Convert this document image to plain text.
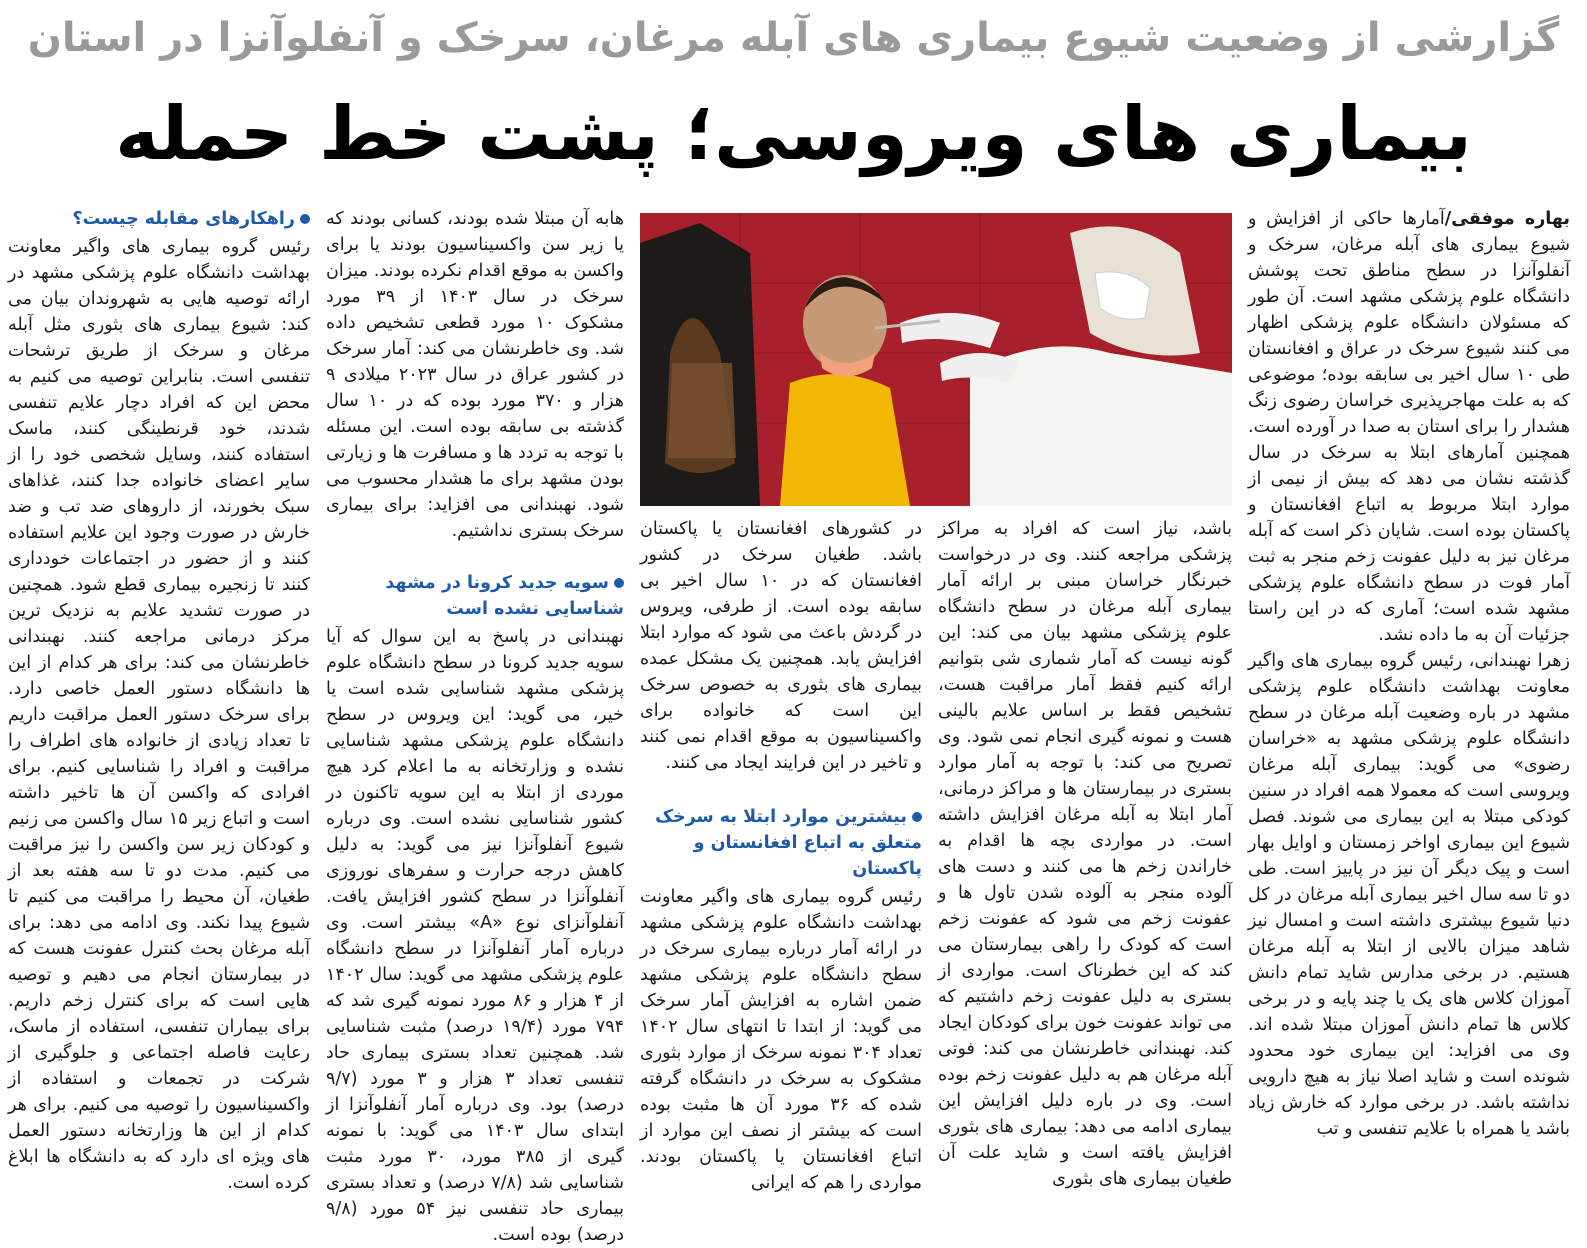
گزارشی از وضعیت شیوع بیماری های آبله مرغان، سرخک و آنفلوآنزا در استان
بیماری های ویروسی؛ پشت خط حمله

بهاره موفقی/آمارها حاکی از افزایش و شیوع بیماری های آبله مرغان، سرخک و آنفلوآنزا در سطح مناطق تحت پوشش دانشگاه علوم پزشکی مشهد است. آن طور که مسئولان دانشگاه علوم پزشکی اظهار می کنند شیوع سرخک در عراق و افغانستان طی ۱۰ سال اخیر بی سابقه بوده؛ موضوعی که به علت مهاجرپذیری خراسان رضوی زنگ هشدار را برای استان به صدا در آورده است. همچنین آمارهای ابتلا به سرخک در سال گذشته نشان می دهد که بیش از نیمی از موارد ابتلا مربوط به اتباع افغانستان و پاکستان بوده است. شایان ذکر است که آبله مرغان نیز به دلیل عفونت زخم منجر به ثبت آمار فوت در سطح دانشگاه علوم پزشکی مشهد شده است؛ آماری که در این راستا جزئیات آن به ما داده نشد.

زهرا نهبندانی، رئیس گروه بیماری های واگیر معاونت بهداشت دانشگاه علوم پزشکی مشهد در باره وضعیت آبله مرغان در سطح دانشگاه علوم پزشکی مشهد به «خراسان رضوی» می گوید: بیماری آبله مرغان ویروسی است که معمولا همه افراد در سنین کودکی مبتلا به این بیماری می شوند. فصل شیوع این بیماری اواخر زمستان و اوایل بهار است و پیک دیگر آن نیز در پاییز است. طی دو تا سه سال اخیر بیماری آبله مرغان در کل دنیا شیوع بیشتری داشته است و امسال نیز شاهد میزان بالایی از ابتلا به آبله مرغان هستیم. در برخی مدارس شاید تمام دانش آموزان کلاس های یک یا چند پایه و در برخی کلاس ها تمام دانش آموزان مبتلا شده اند. وی می افزاید: این بیماری خود محدود شونده است و شاید اصلا نیاز به هیچ دارویی نداشته باشد. در برخی موارد که خارش زیاد باشد یا همراه با علایم تنفسی و تب

باشد، نیاز است که افراد به مراکز پزشکی مراجعه کنند. وی در درخواست خبرنگار خراسان مبنی بر ارائه آمار بیماری آبله مرغان در سطح دانشگاه علوم پزشکی مشهد بیان می کند: این گونه نیست که آمار شماری شی بتوانیم ارائه کنیم فقط آمار مراقبت هست، تشخیص فقط بر اساس علایم بالینی هست و نمونه گیری انجام نمی شود. وی تصریح می کند: با توجه به آمار موارد بستری در بیمارستان ها و مراکز درمانی، آمار ابتلا به آبله مرغان افزایش داشته است. در مواردی بچه ها اقدام به خاراندن زخم ها می کنند و دست های آلوده منجر به آلوده شدن تاول ها و عفونت زخم می شود که عفونت زخم است که کودک را راهی بیمارستان می کند که این خطرناک است. مواردی از بستری به دلیل عفونت زخم داشتیم که می تواند عفونت خون برای کودکان ایجاد کند. نهبندانی خاطرنشان می کند: فوتی آبله مرغان هم به دلیل عفونت زخم بوده است. وی در باره دلیل افزایش این بیماری ادامه می دهد: بیماری های بثوری افزایش یافته است و شاید علت آن طغیان بیماری های بثوری

در کشورهای افغانستان یا پاکستان باشد. طغیان سرخک در کشور افغانستان که در ۱۰ سال اخیر بی سابقه بوده است. از طرفی، ویروس در گردش باعث می شود که موارد ابتلا افزایش یابد. همچنین یک مشکل عمده بیماری های بثوری به خصوص سرخک این است که خانواده برای واکسیناسیون به موقع اقدام نمی کنند و تاخیر در این فرایند ایجاد می کنند.

بیشترین موارد ابتلا به سرخک متعلق به اتباع افغانستان و پاکستان

رئیس گروه بیماری های واگیر معاونت بهداشت دانشگاه علوم پزشکی مشهد در ارائه آمار درباره بیماری سرخک در سطح دانشگاه علوم پزشکی مشهد ضمن اشاره به افزایش آمار سرخک می گوید: از ابتدا تا انتهای سال ۱۴۰۲ تعداد ۳۰۴ نمونه سرخک از موارد بثوری مشکوک به سرخک در دانشگاه گرفته شده که ۳۶ مورد آن ها مثبت بوده است که بیشتر از نصف این موارد از اتباع افغانستان یا پاکستان بودند. مواردی را هم که ایرانی

هابه آن مبتلا شده بودند، کسانی بودند که یا زیر سن واکسیناسیون بودند یا برای واکسن به موقع اقدام نکرده بودند. میزان سرخک در سال ۱۴۰۳ از ۳۹ مورد مشکوک ۱۰ مورد قطعی تشخیص داده شد. وی خاطرنشان می کند: آمار سرخک در کشور عراق در سال ۲۰۲۳ میلادی ۹ هزار و ۳۷۰ مورد بوده که در ۱۰ سال گذشته بی سابقه بوده است. این مسئله با توجه به تردد ها و مسافرت ها و زیارتی بودن مشهد برای ما هشدار محسوب می شود. نهبندانی می افزاید: برای بیماری سرخک بستری نداشتیم.

سویه جدید کرونا در مشهد شناسایی نشده است

نهبندانی در پاسخ به این سوال که آیا سویه جدید کرونا در سطح دانشگاه علوم پزشکی مشهد شناسایی شده است یا خیر، می گوید: این ویروس در سطح دانشگاه علوم پزشکی مشهد شناسایی نشده و وزارتخانه به ما اعلام کرد هیچ موردی از ابتلا به این سویه تاکنون در کشور شناسایی نشده است. وی درباره شیوع آنفلوآنزا نیز می گوید: به دلیل کاهش درجه حرارت و سفرهای نوروزی آنفلوآنزا در سطح کشور افزایش یافت. آنفلوآنزای نوع «A» بیشتر است. وی درباره آمار آنفلوآنزا در سطح دانشگاه علوم پزشکی مشهد می گوید: سال ۱۴۰۲ از ۴ هزار و ۸۶ مورد نمونه گیری شد که ۷۹۴ مورد (۱۹/۴ درصد) مثبت شناسایی شد. همچنین تعداد بستری بیماری حاد تنفسی تعداد ۳ هزار و ۳ مورد (۹/۷ درصد) بود. وی درباره آمار آنفلوآنزا از ابتدای سال ۱۴۰۳ می گوید: با نمونه گیری از ۳۸۵ مورد، ۳۰ مورد مثبت شناسایی شد (۷/۸ درصد) و تعداد بستری بیماری حاد تنفسی نیز ۵۴ مورد (۹/۸ درصد) بوده است.

راهکارهای مقابله چیست؟

رئیس گروه بیماری های واگیر معاونت بهداشت دانشگاه علوم پزشکی مشهد در ارائه توصیه هایی به شهروندان بیان می کند: شیوع بیماری های بثوری مثل آبله مرغان و سرخک از طریق ترشحات تنفسی است. بنابراین توصیه می کنیم به محض این که افراد دچار علایم تنفسی شدند، خود قرنطینگی کنند، ماسک استفاده کنند، وسایل شخصی خود را از سایر اعضای خانواده جدا کنند، غذاهای سبک بخورند، از داروهای ضد تب و ضد خارش در صورت وجود این علایم استفاده کنند و از حضور در اجتماعات خودداری کنند تا زنجیره بیماری قطع شود. همچنین در صورت تشدید علایم به نزدیک ترین مرکز درمانی مراجعه کنند. نهبندانی خاطرنشان می کند: برای هر کدام از این ها دانشگاه دستور العمل خاصی دارد. برای سرخک دستور العمل مراقبت داریم تا تعداد زیادی از خانواده های اطراف را مراقبت و افراد را شناسایی کنیم. برای افرادی که واکسن آن ها تاخیر داشته است و اتباع زیر ۱۵ سال واکسن می زنیم و کودکان زیر سن واکسن را نیز مراقبت می کنیم. مدت دو تا سه هفته بعد از طغیان، آن محیط را مراقبت می کنیم تا شیوع پیدا نکند. وی ادامه می دهد: برای آبله مرغان بحث کنترل عفونت هست که در بیمارستان انجام می دهیم و توصیه هایی است که برای کنترل زخم داریم. برای بیماران تنفسی، استفاده از ماسک، رعایت فاصله اجتماعی و جلوگیری از شرکت در تجمعات و استفاده از واکسیناسیون را توصیه می کنیم. برای هر کدام از این ها وزارتخانه دستور العمل های ویژه ای دارد که به دانشگاه ها ابلاغ کرده است.
